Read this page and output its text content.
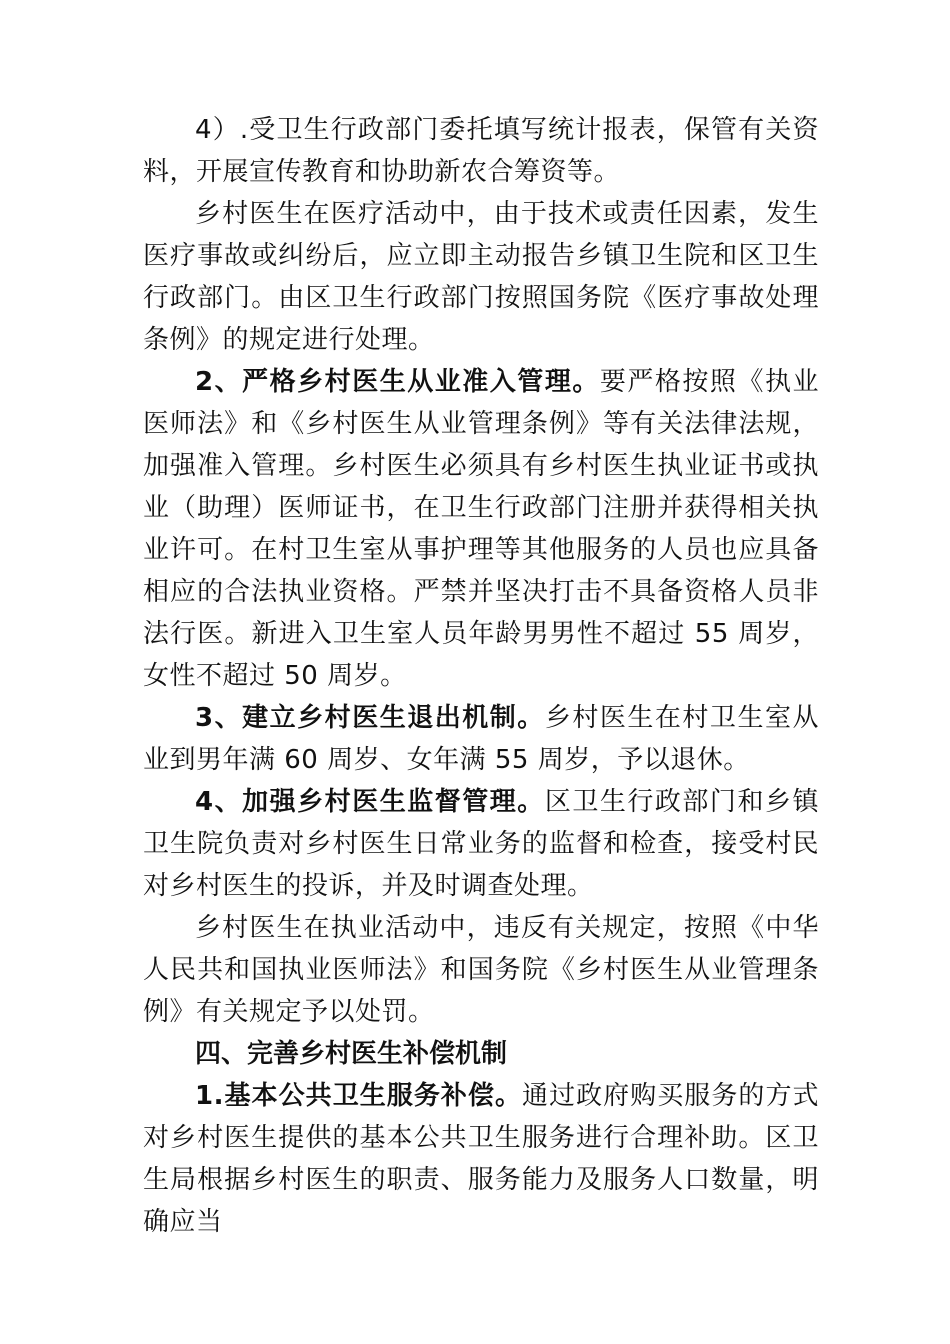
4）.受卫生行政部门委托填写统计报表，保管有关资料，开展宣传教育和协助新农合筹资等。

乡村医生在医疗活动中，由于技术或责任因素，发生医疗事故或纠纷后，应立即主动报告乡镇卫生院和区卫生行政部门。由区卫生行政部门按照国务院《医疗事故处理条例》的规定进行处理。

2、严格乡村医生从业准入管理。要严格按照《执业医师法》和《乡村医生从业管理条例》等有关法律法规，加强准入管理。乡村医生必须具有乡村医生执业证书或执业（助理）医师证书，在卫生行政部门注册并获得相关执业许可。在村卫生室从事护理等其他服务的人员也应具备相应的合法执业资格。严禁并坚决打击不具备资格人员非法行医。新进入卫生室人员年龄男男性不超过 55 周岁，女性不超过 50 周岁。

3、建立乡村医生退出机制。乡村医生在村卫生室从业到男年满 60 周岁、女年满 55 周岁，予以退休。

4、加强乡村医生监督管理。区卫生行政部门和乡镇卫生院负责对乡村医生日常业务的监督和检查，接受村民对乡村医生的投诉，并及时调查处理。

乡村医生在执业活动中，违反有关规定，按照《中华人民共和国执业医师法》和国务院《乡村医生从业管理条例》有关规定予以处罚。

四、完善乡村医生补偿机制

1.基本公共卫生服务补偿。通过政府购买服务的方式对乡村医生提供的基本公共卫生服务进行合理补助。区卫生局根据乡村医生的职责、服务能力及服务人口数量，明确应当
